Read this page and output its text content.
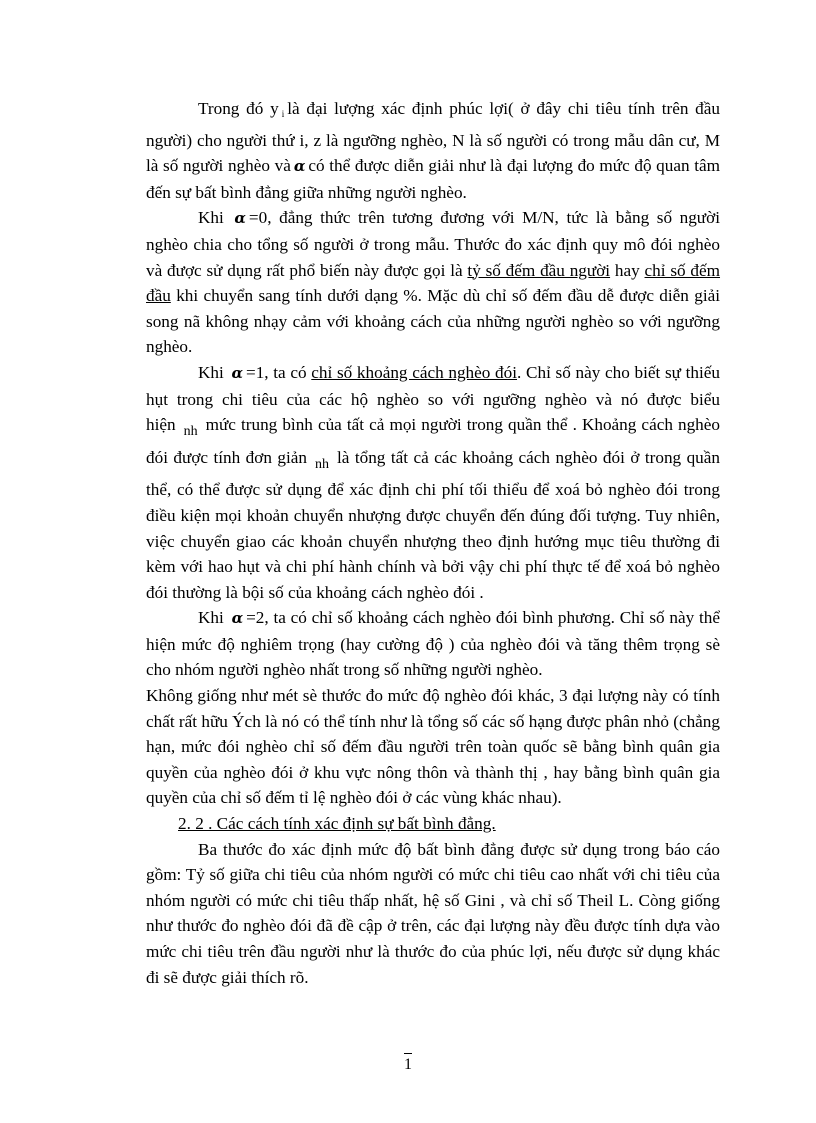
Trong đó y $_i$ là đại lượng xác định phúc lợi( ở đây chi tiêu tính trên đầu người) cho người thứ i, z là ngưỡng nghèo, N là số người có trong mẫu dân cư, M là số người nghèo và α có thể được diễn giải như là đại lượng đo mức độ quan tâm đến sự bất bình đẳng giữa những người nghèo.

Khi α =0, đẳng thức trên tương đương với M/N, tức là bằng số người nghèo chia cho tổng số người ở trong mẫu. Thước đo xác định quy mô đói nghèo và được sử dụng rất phổ biến này được gọi là tỷ số đếm đầu người hay chỉ số đếm đầu khi chuyển sang tính dưới dạng %. Mặc dù chỉ số đếm đầu dễ được diễn giải song nã không nhạy cảm với khoảng cách của những người nghèo so với ngưỡng nghèo.

Khi α =1, ta có chỉ số khoảng cách nghèo đói. Chỉ số này cho biết sự thiếu hụt trong chi tiêu của các hộ nghèo so với ngưỡng nghèo và nó được biểu hiện $_{nh}$ mức trung bình của tất cả mọi người trong quần thể . Khoảng cách nghèo đói được tính đơn giản $_{nh}$ là tổng tất cả các khoảng cách nghèo đói ở trong quần thể, có thể được sử dụng để xác định chi phí tối thiểu để xoá bỏ nghèo đói trong điều kiện mọi khoản chuyển nhượng được chuyển đến đúng đối tượng. Tuy nhiên, việc chuyển giao các khoản chuyển nhượng theo định hướng mục tiêu thường đi kèm với hao hụt và chi phí hành chính và bởi vậy chi phí thực tế để xoá bỏ nghèo đói thường là bội số của khoảng cách nghèo đói .

Khi α =2, ta có chỉ số khoảng cách nghèo đói bình phương. Chỉ số này thể hiện mức độ nghiêm trọng (hay cường độ ) của nghèo đói và tăng thêm trọng sè cho nhóm người nghèo nhất trong số những người nghèo.

Không giống như mét sè thước đo mức độ nghèo đói khác, 3 đại lượng này có tính chất rất hữu Ých là nó có thể tính như là tổng số các số hạng được phân nhỏ (chẳng hạn, mức đói nghèo chỉ số đếm đầu người trên toàn quốc sẽ bằng bình quân gia quyền của nghèo đói ở khu vực nông thôn và thành thị , hay bằng bình quân gia quyền của chỉ số đếm tỉ lệ nghèo đói ở các vùng khác nhau).

2. 2 . Các cách tính xác định sự bất bình đẳng.

Ba thước đo xác định mức độ bất bình đẳng được sử dụng trong báo cáo gồm: Tỷ số giữa chi tiêu của nhóm người có mức chi tiêu cao nhất với chi tiêu của nhóm người có mức chi tiêu thấp nhất, hệ số Gini , và chỉ số Theil L. Còng giống như thước đo nghèo đói đã đề cập ở trên, các đại lượng này đều được tính dựa vào mức chi tiêu trên đầu người như là thước đo của phúc lợi, nếu được sử dụng khác đi sẽ được giải thích rõ.

1
